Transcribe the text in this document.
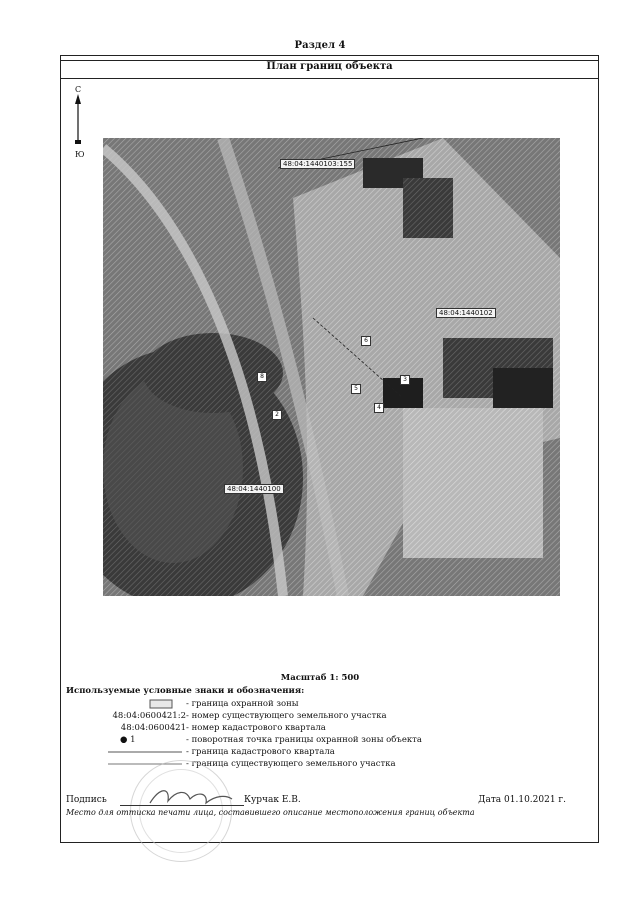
Раздел 4
План границ объекта
С
Ю
48:04:1440103:155
48:04:1440102
48:04:1440100
6
3
5
8
4
2
Масштаб 1: 500
Используемые условные знаки и обозначения:
- граница охранной зоны
48:04:0600421:2 - номер существующего земельного участка
48:04:0600421 - номер кадастрового квартала
● 1	- поворотная точка границы охранной зоны объекта
- граница кадастрового квартала
- граница существующего земельного участка
Подпись	Курчак Е.В.	Дата 01.10.2021 г.
Место для оттиска печати лица, составившего описание местоположения границ объекта
